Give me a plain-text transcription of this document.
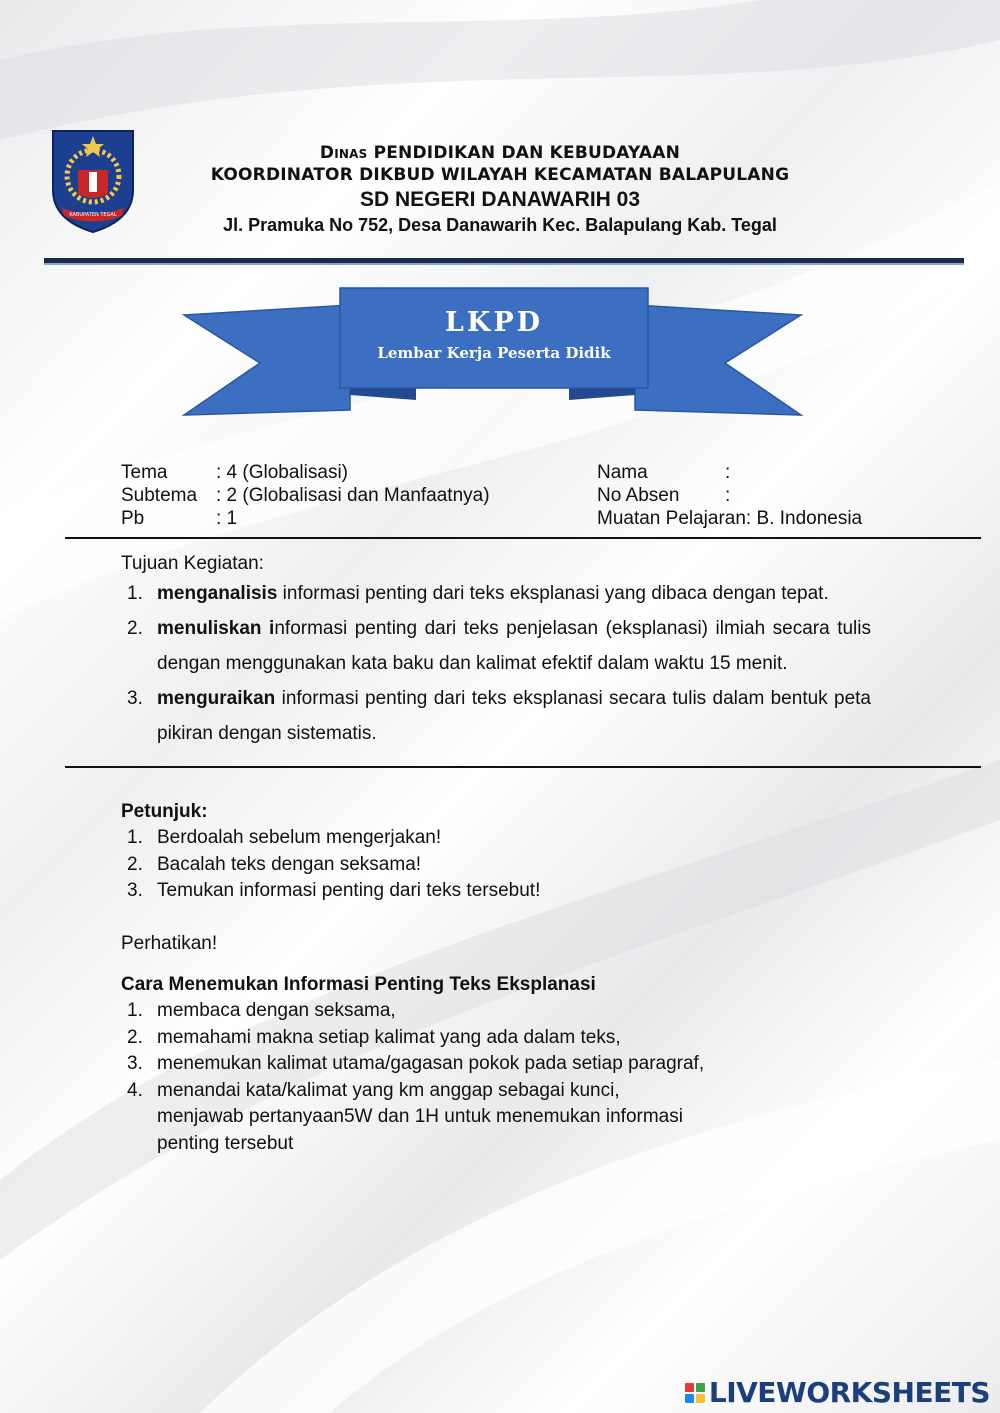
KABUPATEN TEGAL
Dinas PENDIDIKAN DAN KEBUDAYAAN
KOORDINATOR DIKBUD WILAYAH KECAMATAN BALAPULANG
SD NEGERI DANAWARIH 03
Jl. Pramuka No 752, Desa Danawarih Kec. Balapulang Kab. Tegal
LKPD
Lembar Kerja Peserta Didik
Tema	: 4 (Globalisasi)
Subtema : 2 (Globalisasi dan Manfaatnya)
Pb	: 1
Nama	:
No Absen :
Muatan Pelajaran: B. Indonesia
Tujuan Kegiatan:
1. menganalisis informasi penting dari teks eksplanasi yang dibaca dengan tepat.
2. menuliskan informasi penting dari teks penjelasan (eksplanasi) ilmiah secara tulis dengan menggunakan kata baku dan kalimat efektif dalam waktu 15 menit.
3. menguraikan informasi penting dari teks eksplanasi secara tulis dalam bentuk peta pikiran dengan sistematis.
Petunjuk:
1. Berdoalah sebelum mengerjakan!
2. Bacalah teks dengan seksama!
3. Temukan informasi penting dari teks tersebut!
Perhatikan!
Cara Menemukan Informasi Penting Teks Eksplanasi
1. membaca dengan seksama,
2. memahami makna setiap kalimat yang ada dalam teks,
3. menemukan kalimat utama/gagasan pokok pada setiap paragraf,
4. menandai kata/kalimat yang km anggap sebagai kunci,
menjawab pertanyaan5W dan 1H untuk menemukan informasi
penting tersebut
LIVEWORKSHEETS
